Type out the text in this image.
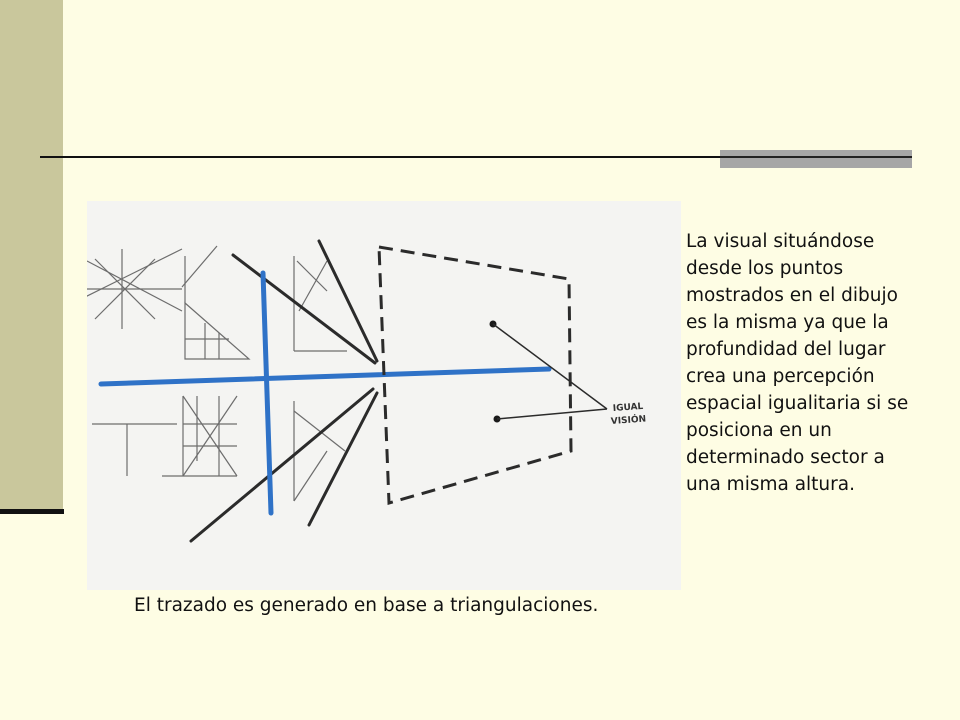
IGUAL
VISIÓN

La visual situándose desde los puntos mostrados en el dibujo es la misma ya que la profundidad del lugar crea una percepción espacial igualitaria si se posiciona en un determinado sector a una misma altura.

El trazado es generado en base a triangulaciones.
